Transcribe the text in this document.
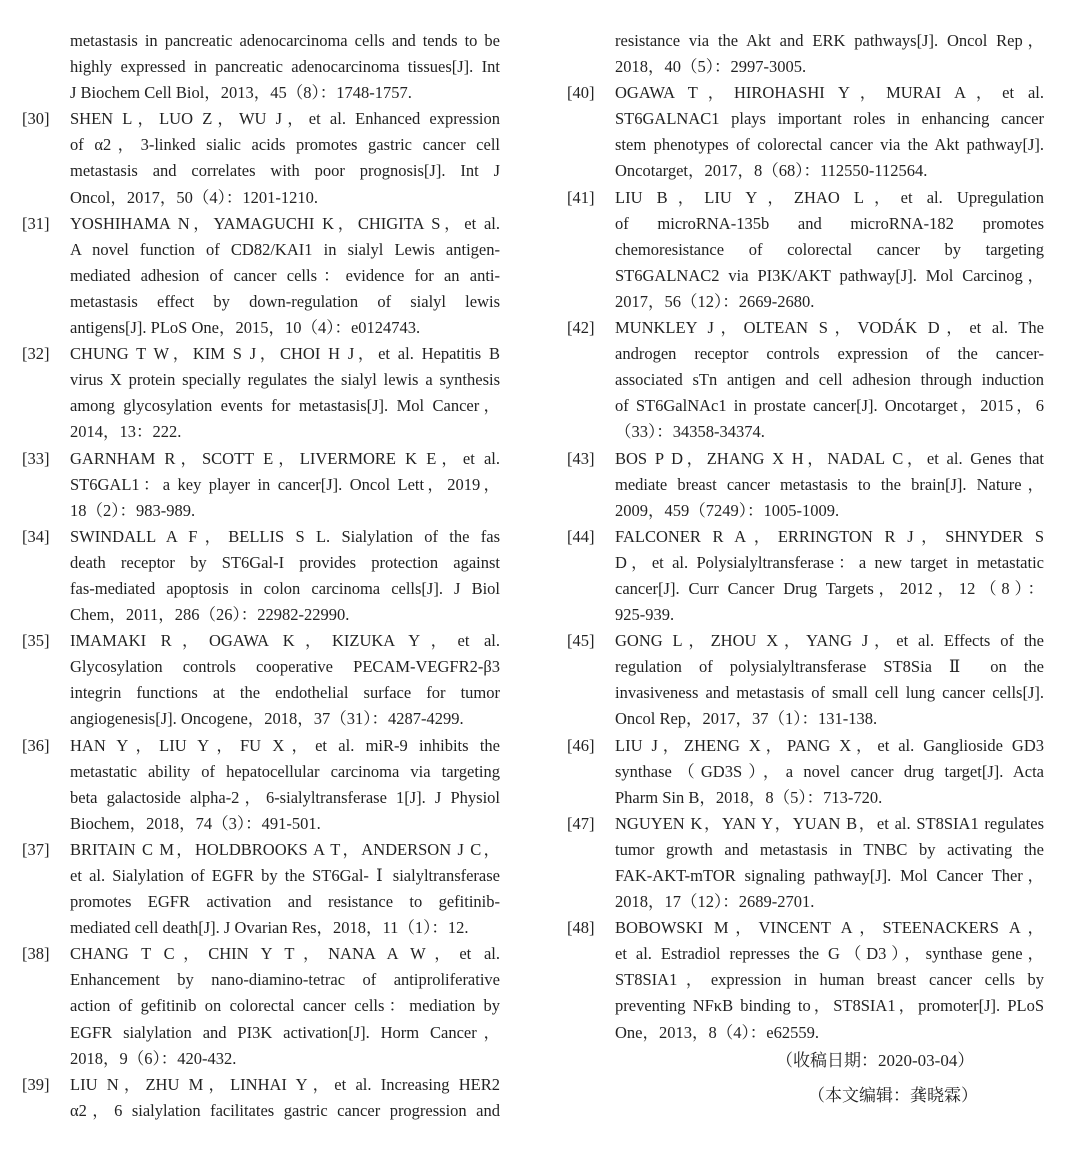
metastasis in pancreatic adenocarcinoma cells and tends to be
highly expressed in pancreatic adenocarcinoma tissues[J]. Int
J Biochem Cell Biol，2013，45（8）：1748-1757.
[30]	SHEN L，LUO Z，WU J，et al. Enhanced expression
of α2，3-linked sialic acids promotes gastric cancer cell
metastasis and correlates with poor prognosis[J]. Int J
Oncol，2017，50（4）：1201-1210.
[31]	YOSHIHAMA N，YAMAGUCHI K，CHIGITA S，et al.
A novel function of CD82/KAI1 in sialyl Lewis antigen-
mediated adhesion of cancer cells：evidence for an anti-
metastasis effect by down-regulation of sialyl lewis
antigens[J]. PLoS One，2015，10（4）：e0124743.
[32]	CHUNG T W，KIM S J，CHOI H J，et al. Hepatitis B
virus X protein specially regulates the sialyl lewis a synthesis
among glycosylation events for metastasis[J]. Mol Cancer，
2014，13：222.
[33]	GARNHAM R，SCOTT E，LIVERMORE K E，et al.
ST6GAL1：a key player in cancer[J]. Oncol Lett，2019，
18（2）：983-989.
[34]	SWINDALL A F，BELLIS S L. Sialylation of the fas
death receptor by ST6Gal-I provides protection against
fas-mediated apoptosis in colon carcinoma cells[J]. J Biol
Chem，2011，286（26）：22982-22990.
[35]	IMAMAKI R，OGAWA K，KIZUKA Y，et al.
Glycosylation controls cooperative PECAM-VEGFR2-β3
integrin functions at the endothelial surface for tumor
angiogenesis[J]. Oncogene，2018，37（31）：4287-4299.
[36]	HAN Y，LIU Y，FU X，et al. miR-9 inhibits the
metastatic ability of hepatocellular carcinoma via targeting
beta galactoside alpha-2，6-sialyltransferase 1[J]. J Physiol
Biochem，2018，74（3）：491-501.
[37]	BRITAIN C M，HOLDBROOKS A T，ANDERSON J C，
et al. Sialylation of EGFR by the ST6Gal- Ⅰ sialyltransferase
promotes EGFR activation and resistance to gefitinib-
mediated cell death[J]. J Ovarian Res，2018，11（1）：12.
[38]	CHANG T C，CHIN Y T，NANA A W，et al.
Enhancement by nano-diamino-tetrac of antiproliferative
action of gefitinib on colorectal cancer cells：mediation by
EGFR sialylation and PI3K activation[J]. Horm Cancer，
2018，9（6）：420-432.
[39]	LIU N，ZHU M，LINHAI Y，et al. Increasing HER2
α2，6 sialylation facilitates gastric cancer progression and
resistance via the Akt and ERK pathways[J]. Oncol Rep，
2018，40（5）：2997-3005.
[40]	OGAWA T，HIROHASHI Y，MURAI A，et al.
ST6GALNAC1 plays important roles in enhancing cancer
stem phenotypes of colorectal cancer via the Akt pathway[J].
Oncotarget，2017，8（68）：112550-112564.
[41]	LIU B，LIU Y，ZHAO L，et al. Upregulation
of microRNA-135b and microRNA-182 promotes
chemoresistance of colorectal cancer by targeting
ST6GALNAC2 via PI3K/AKT pathway[J]. Mol Carcinog，
2017，56（12）：2669-2680.
[42]	MUNKLEY J，OLTEAN S，VODÁK D，et al. The
androgen receptor controls expression of the cancer-
associated sTn antigen and cell adhesion through induction
of ST6GalNAc1 in prostate cancer[J]. Oncotarget，2015，6
（33）：34358-34374.
[43]	BOS P D，ZHANG X H，NADAL C，et al. Genes that
mediate breast cancer metastasis to the brain[J]. Nature，
2009，459（7249）：1005-1009.
[44]	FALCONER R A，ERRINGTON R J，SHNYDER S
D，et al. Polysialyltransferase：a new target in metastatic
cancer[J]. Curr Cancer Drug Targets，2012，12（8）：
925-939.
[45]	GONG L，ZHOU X，YANG J，et al. Effects of the
regulation of polysialyltransferase ST8Sia Ⅱ on the
invasiveness and metastasis of small cell lung cancer cells[J].
Oncol Rep，2017，37（1）：131-138.
[46]	LIU J，ZHENG X，PANG X，et al. Ganglioside GD3
synthase（GD3S），a novel cancer drug target[J]. Acta
Pharm Sin B，2018，8（5）：713-720.
[47]	NGUYEN K，YAN Y，YUAN B，et al. ST8SIA1 regulates
tumor growth and metastasis in TNBC by activating the
FAK-AKT-mTOR signaling pathway[J]. Mol Cancer Ther，
2018，17（12）：2689-2701.
[48]	BOBOWSKI M，VINCENT A，STEENACKERS A，
et al. Estradiol represses the G（D3），synthase gene，
ST8SIA1，expression in human breast cancer cells by
preventing NFκB binding to，ST8SIA1，promoter[J]. PLoS
One，2013，8（4）：e62559.
（收稿日期：2020-03-04）
（本文编辑：龚晓霖）
